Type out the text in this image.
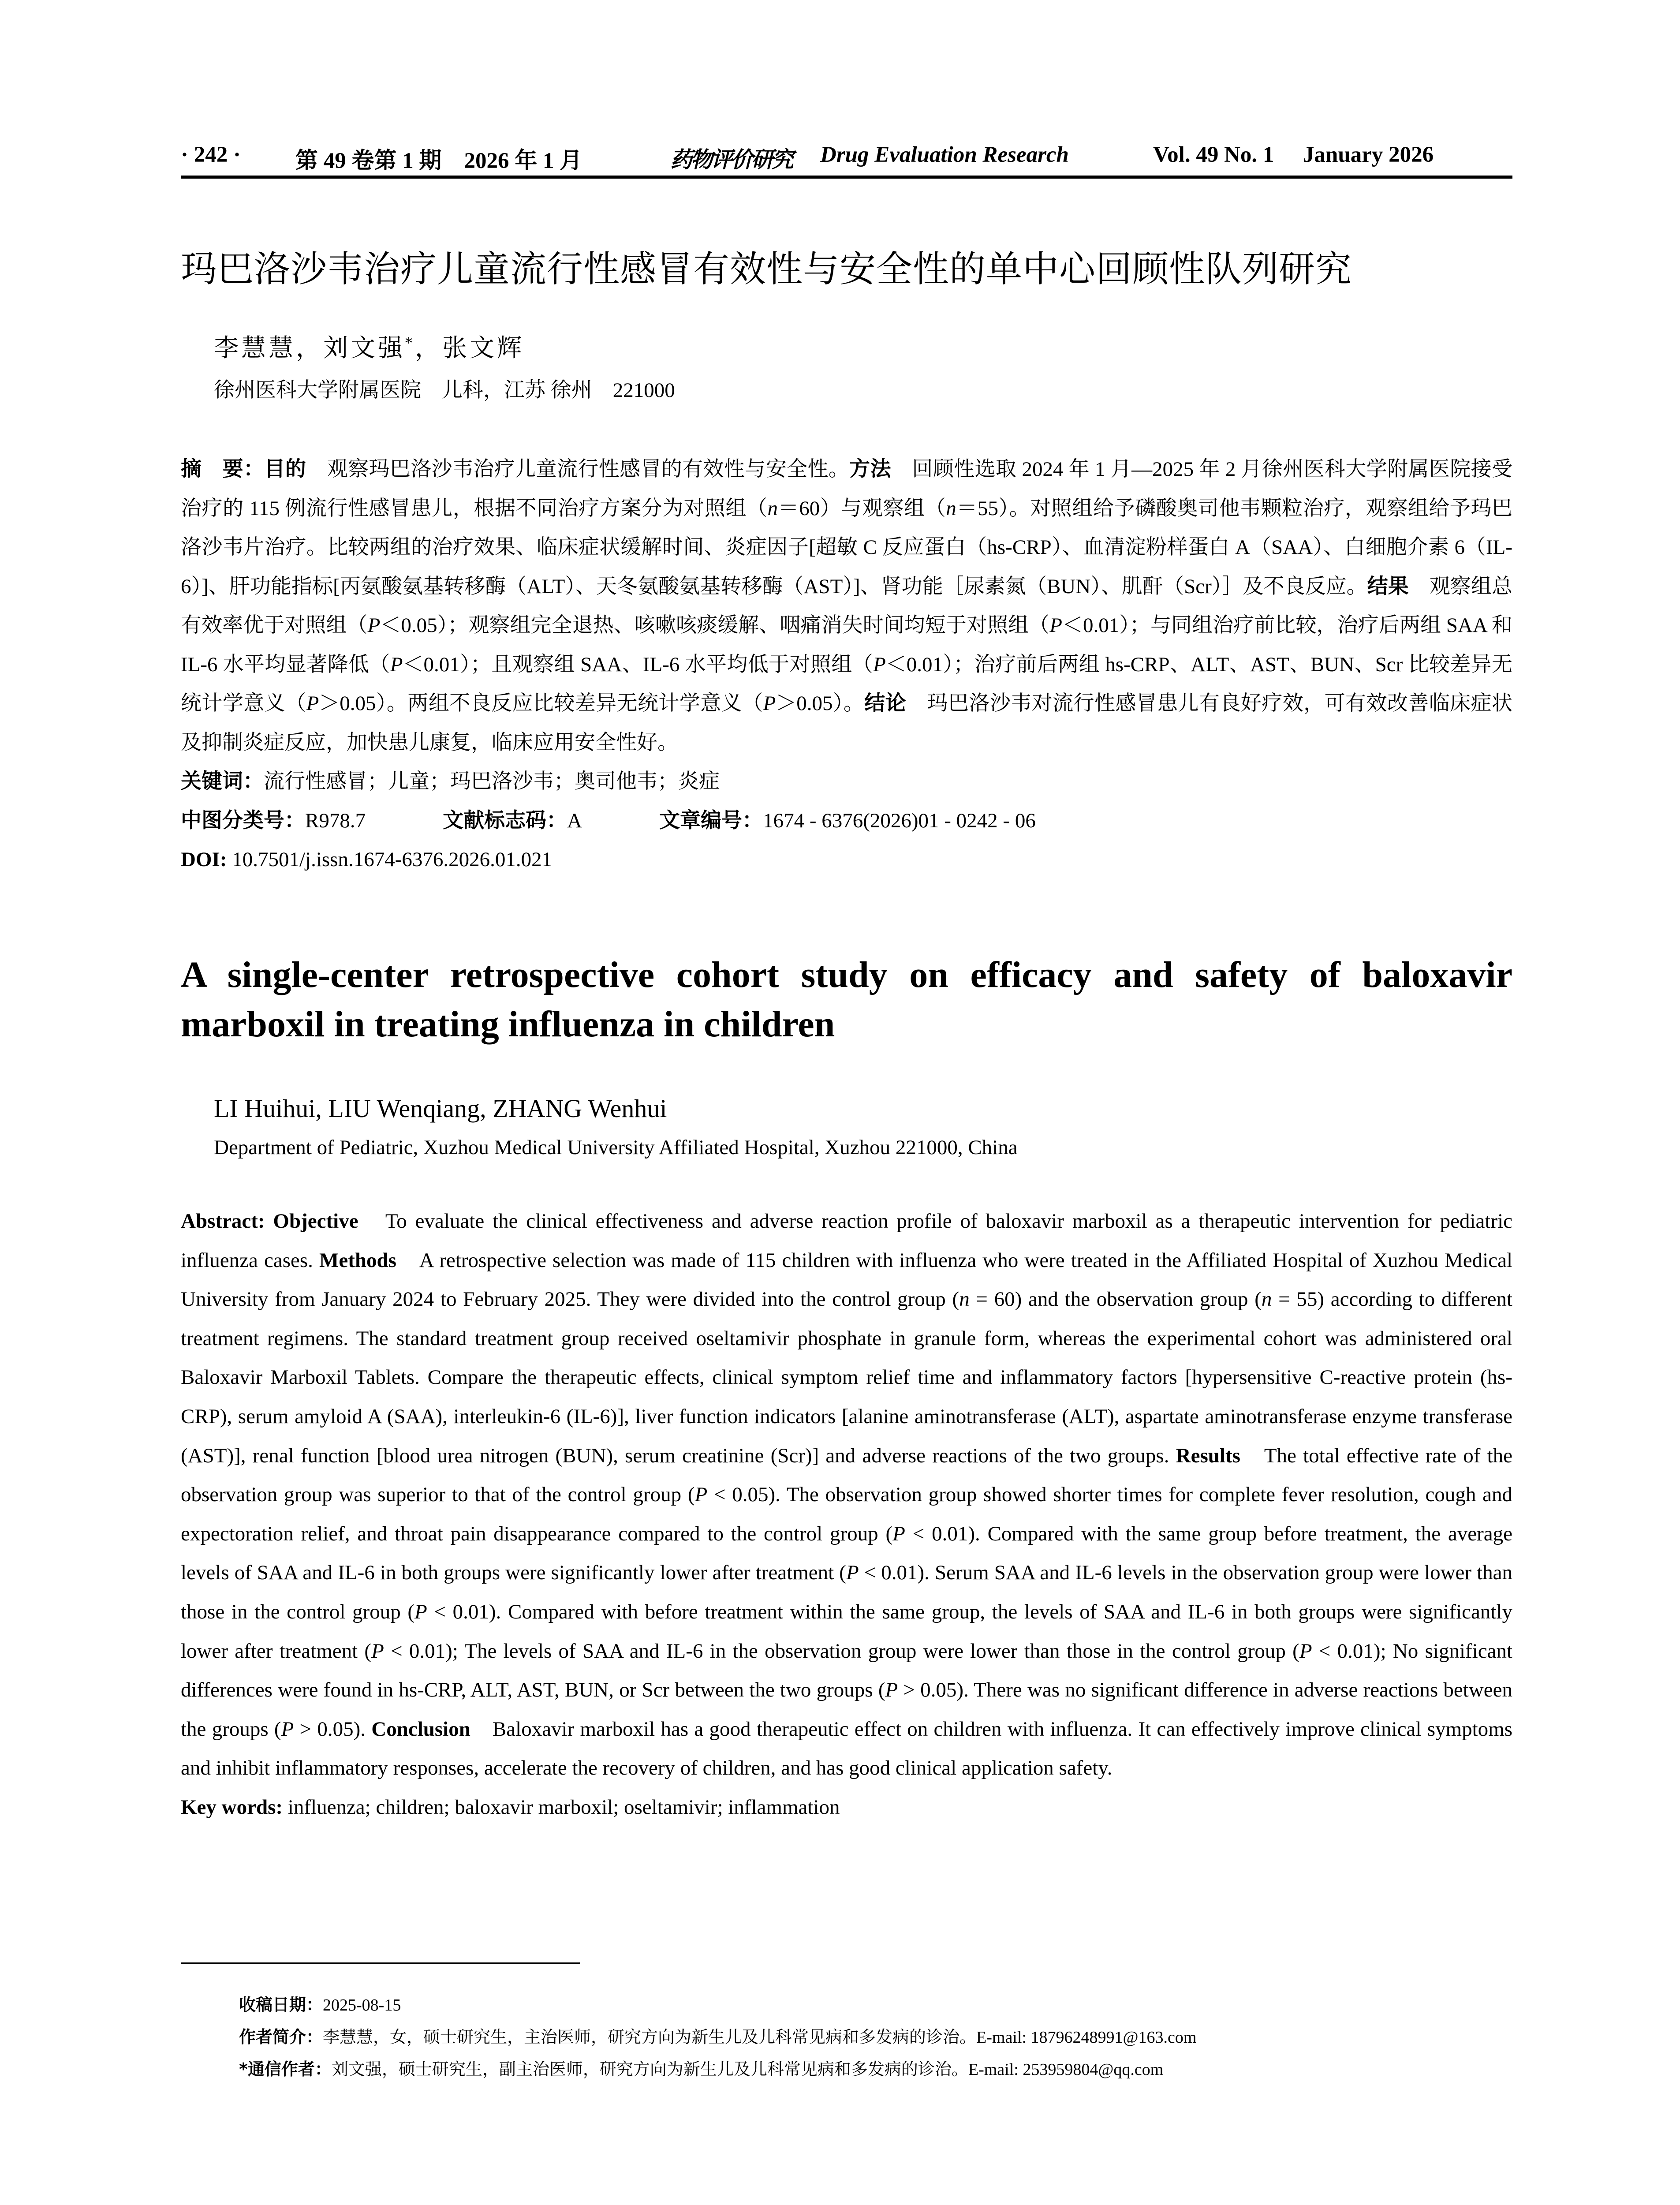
· 242 · 第 49 卷第 1 期　2026 年 1 月	药物评价研究 Drug Evaluation Research	Vol. 49 No. 1 January 2026
玛巴洛沙韦治疗儿童流行性感冒有效性与安全性的单中心回顾性队列研究
李慧慧，刘文强*，张文辉
徐州医科大学附属医院　儿科，江苏 徐州　221000
摘　要：目的　观察玛巴洛沙韦治疗儿童流行性感冒的有效性与安全性。方法　回顾性选取 2024 年 1 月—2025 年 2 月徐州医科大学附属医院接受治疗的 115 例流行性感冒患儿，根据不同治疗方案分为对照组（n＝60）与观察组（n＝55）。对照组给予磷酸奥司他韦颗粒治疗，观察组给予玛巴洛沙韦片治疗。比较两组的治疗效果、临床症状缓解时间、炎症因子[超敏 C 反应蛋白（hs-CRP）、血清淀粉样蛋白 A（SAA）、白细胞介素 6（IL-6）]、肝功能指标[丙氨酸氨基转移酶（ALT）、天冬氨酸氨基转移酶（AST）]、肾功能［尿素氮（BUN）、肌酐（Scr）］及不良反应。结果　观察组总有效率优于对照组（P＜0.05）；观察组完全退热、咳嗽咳痰缓解、咽痛消失时间均短于对照组（P＜0.01）；与同组治疗前比较，治疗后两组 SAA 和 IL-6 水平均显著降低（P＜0.01）；且观察组 SAA、IL-6 水平均低于对照组（P＜0.01）；治疗前后两组 hs-CRP、ALT、AST、BUN、Scr 比较差异无统计学意义（P＞0.05）。两组不良反应比较差异无统计学意义（P＞0.05）。结论　玛巴洛沙韦对流行性感冒患儿有良好疗效，可有效改善临床症状及抑制炎症反应，加快患儿康复，临床应用安全性好。
关键词：流行性感冒；儿童；玛巴洛沙韦；奥司他韦；炎症
中图分类号：R978.7	文献标志码：A	文章编号：1674 - 6376(2026)01 - 0242 - 06
DOI: 10.7501/j.issn.1674-6376.2026.01.021
A single-center retrospective cohort study on efficacy and safety of baloxavir marboxil in treating influenza in children
LI Huihui, LIU Wenqiang, ZHANG Wenhui
Department of Pediatric, Xuzhou Medical University Affiliated Hospital, Xuzhou 221000, China
Abstract: Objective　To evaluate the clinical effectiveness and adverse reaction profile of baloxavir marboxil as a therapeutic intervention for pediatric influenza cases. Methods　A retrospective selection was made of 115 children with influenza who were treated in the Affiliated Hospital of Xuzhou Medical University from January 2024 to February 2025. They were divided into the control group (n = 60) and the observation group (n = 55) according to different treatment regimens. The standard treatment group received oseltamivir phosphate in granule form, whereas the experimental cohort was administered oral Baloxavir Marboxil Tablets. Compare the therapeutic effects, clinical symptom relief time and inflammatory factors [hypersensitive C-reactive protein (hs-CRP), serum amyloid A (SAA), interleukin-6 (IL-6)], liver function indicators [alanine aminotransferase (ALT), aspartate aminotransferase enzyme transferase (AST)], renal function [blood urea nitrogen (BUN), serum creatinine (Scr)] and adverse reactions of the two groups. Results　The total effective rate of the observation group was superior to that of the control group (P < 0.05). The observation group showed shorter times for complete fever resolution, cough and expectoration relief, and throat pain disappearance compared to the control group (P < 0.01). Compared with the same group before treatment, the average levels of SAA and IL-6 in both groups were significantly lower after treatment (P < 0.01). Serum SAA and IL-6 levels in the observation group were lower than those in the control group (P < 0.01). Compared with before treatment within the same group, the levels of SAA and IL-6 in both groups were significantly lower after treatment (P < 0.01); The levels of SAA and IL-6 in the observation group were lower than those in the control group (P < 0.01); No significant differences were found in hs-CRP, ALT, AST, BUN, or Scr between the two groups (P > 0.05). There was no significant difference in adverse reactions between the groups (P > 0.05). Conclusion　Baloxavir marboxil has a good therapeutic effect on children with influenza. It can effectively improve clinical symptoms and inhibit inflammatory responses, accelerate the recovery of children, and has good clinical application safety.
Key words: influenza; children; baloxavir marboxil; oseltamivir; inflammation
收稿日期：2025-08-15
作者简介：李慧慧，女，硕士研究生，主治医师，研究方向为新生儿及儿科常见病和多发病的诊治。E-mail: 18796248991@163.com
*通信作者：刘文强，硕士研究生，副主治医师，研究方向为新生儿及儿科常见病和多发病的诊治。E-mail: 253959804@qq.com
